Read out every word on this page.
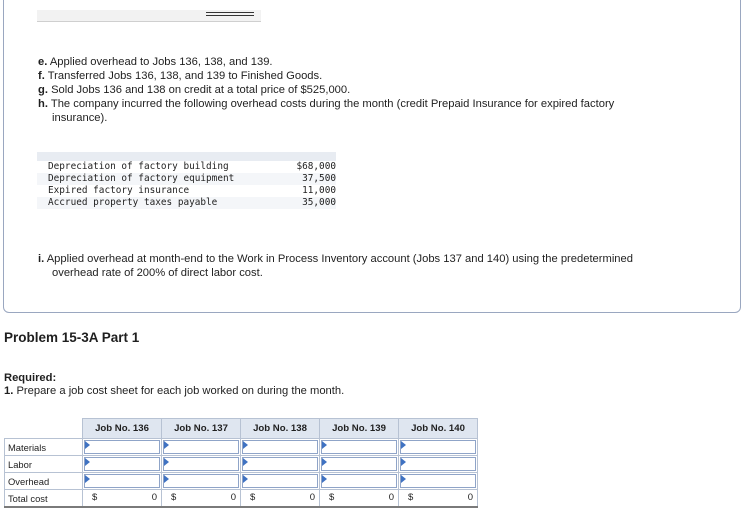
e. Applied overhead to Jobs 136, 138, and 139.
f. Transferred Jobs 136, 138, and 139 to Finished Goods.
g. Sold Jobs 136 and 138 on credit at a total price of $525,000.
h. The company incurred the following overhead costs during the month (credit Prepaid Insurance for expired factory
insurance).
Depreciation of factory building	$68,000
Depreciation of factory equipment	37,500
Expired factory insurance	11,000
Accrued property taxes payable	35,000
i. Applied overhead at month-end to the Work in Process Inventory account (Jobs 137 and 140) using the predetermined
overhead rate of 200% of direct labor cost.
Problem 15-3A Part 1
Required:
1. Prepare a job cost sheet for each job worked on during the month.
	Job No. 136	Job No. 137	Job No. 138	Job No. 139	Job No. 140
Materials	

Labor	

Overhead	

Total cost	$ 0	$ 0	$ 0	$ 0	$ 0
